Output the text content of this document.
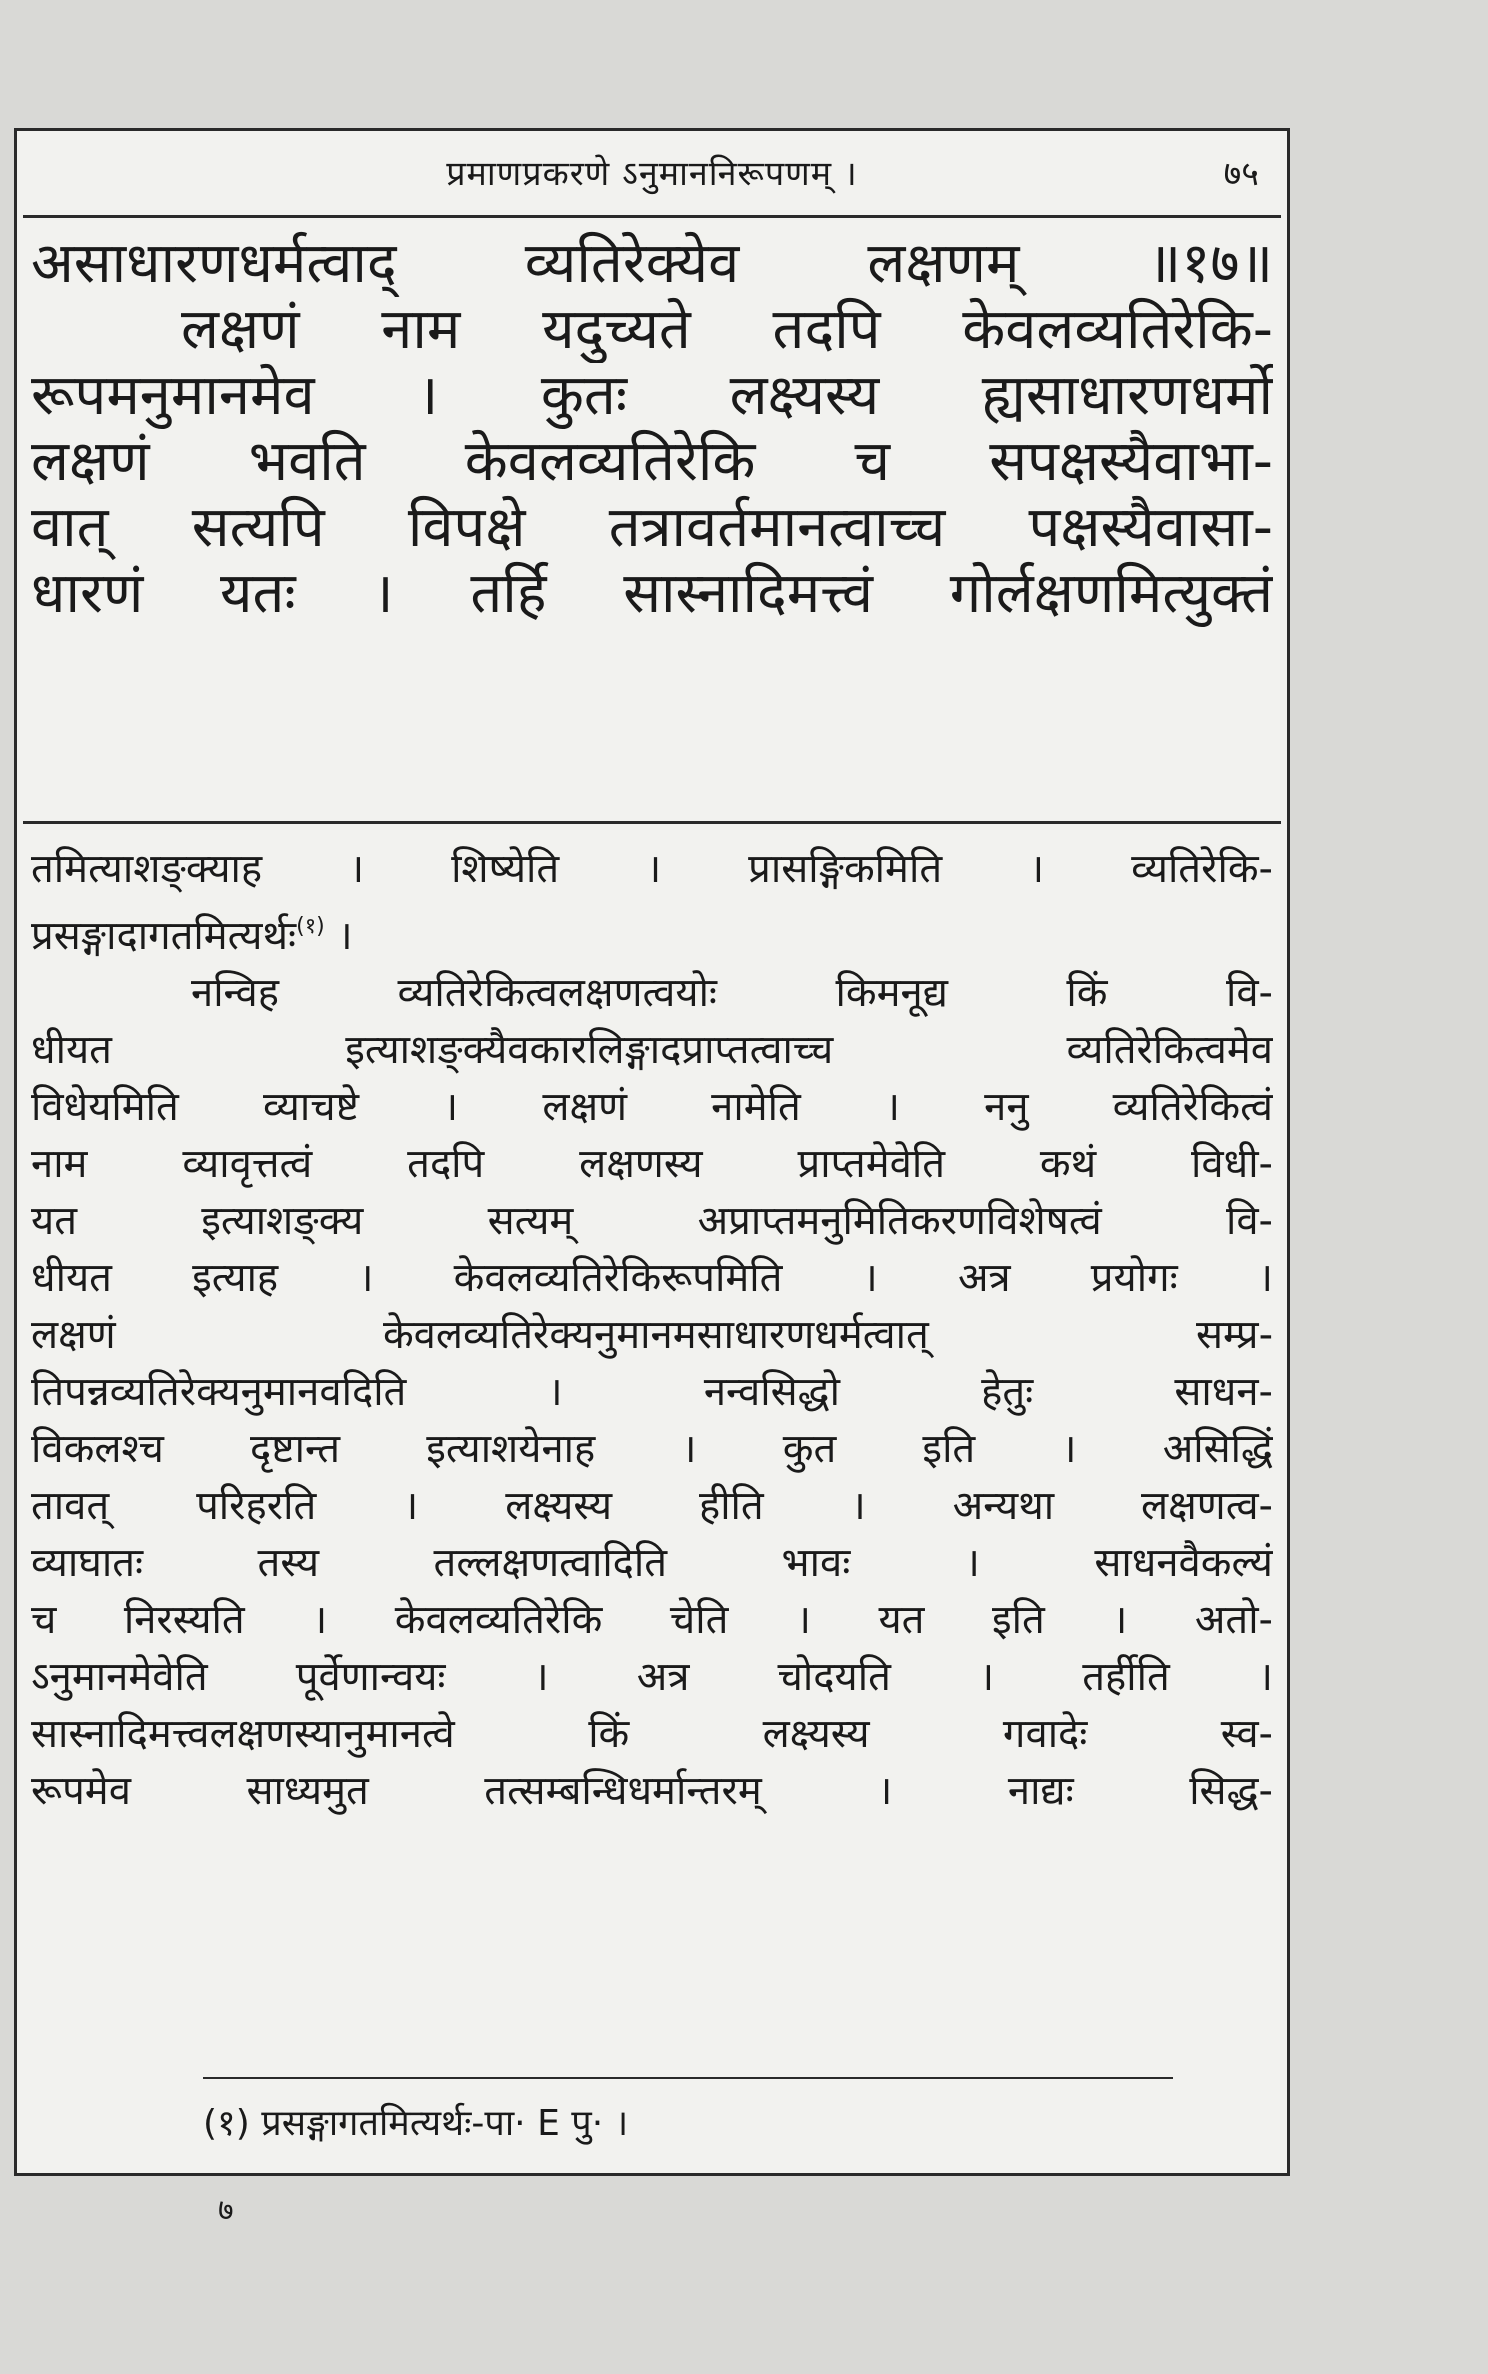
प्रमाणप्रकरणे ऽनुमाननिरूपणम् ।	७५
असाधारणधर्मत्वाद् व्यतिरेक्येव लक्षणम् ॥१७॥
लक्षणं नाम यदुच्यते तदपि केवलव्यतिरेकि-
रूपमनुमानमेव । कुतः लक्ष्यस्य ह्यसाधारणधर्मो
लक्षणं भवति केवलव्यतिरेकि च सपक्षस्यैवाभा-
वात् सत्यपि विपक्षे तत्रावर्तमानत्वाच्च पक्षस्यैवासा-
धारणं यतः । तर्हि सास्नादिमत्त्वं गोर्लक्षणमित्युक्तं
तमित्याशङ्क्याह । शिष्येति । प्रासङ्गिकमिति । व्यतिरेकि-
प्रसङ्गादागतमित्यर्थः$^{(१)}$ ।
नन्विह व्यतिरेकित्वलक्षणत्वयोः किमनूद्य किं वि-
धीयत इत्याशङ्क्यैवकारलिङ्गादप्राप्तत्वाच्च व्यतिरेकित्वमेव
विधेयमिति व्याचष्टे । लक्षणं नामेति । ननु व्यतिरेकित्वं
नाम व्यावृत्तत्वं तदपि लक्षणस्य प्राप्तमेवेति कथं विधी-
यत इत्याशङ्क्य सत्यम् अप्राप्तमनुमितिकरणविशेषत्वं वि-
धीयत इत्याह । केवलव्यतिरेकिरूपमिति । अत्र प्रयोगः ।
लक्षणं केवलव्यतिरेक्यनुमानमसाधारणधर्मत्वात् सम्प्र-
तिपन्नव्यतिरेक्यनुमानवदिति । नन्वसिद्धो हेतुः साधन-
विकलश्च दृष्टान्त इत्याशयेनाह । कुत इति । असिद्धिं
तावत् परिहरति । लक्ष्यस्य हीति । अन्यथा लक्षणत्व-
व्याघातः तस्य तल्लक्षणत्वादिति भावः । साधनवैकल्यं
च निरस्यति । केवलव्यतिरेकि चेति । यत इति । अतो-
ऽनुमानमेवेति पूर्वेणान्वयः । अत्र चोदयति । तर्हीति ।
सास्नादिमत्त्वलक्षणस्यानुमानत्वे किं लक्ष्यस्य गवादेः स्व-
रूपमेव साध्यमुत तत्सम्बन्धिधर्मान्तरम् । नाद्यः सिद्ध-
(१) प्रसङ्गागतमित्यर्थः-पा· E पु· ।
७
